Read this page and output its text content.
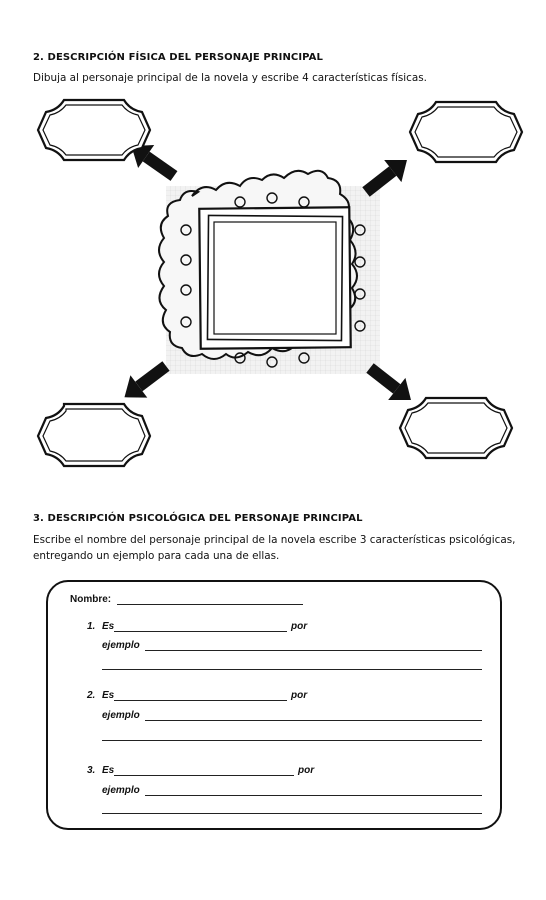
2. DESCRIPCIÓN FÍSICA DEL PERSONAJE PRINCIPAL
Dibuja al personaje principal de la novela y escribe 4 características físicas.
3. DESCRIPCIÓN PSICOLÓGICA DEL PERSONAJE PRINCIPAL
Escribe el nombre del personaje principal de la novela escribe 3 características psicológicas,
entregando un ejemplo para cada una de ellas.
Nombre:
1. Es	por
ejemplo
2. Es	por
ejemplo
3. Es	por
ejemplo
